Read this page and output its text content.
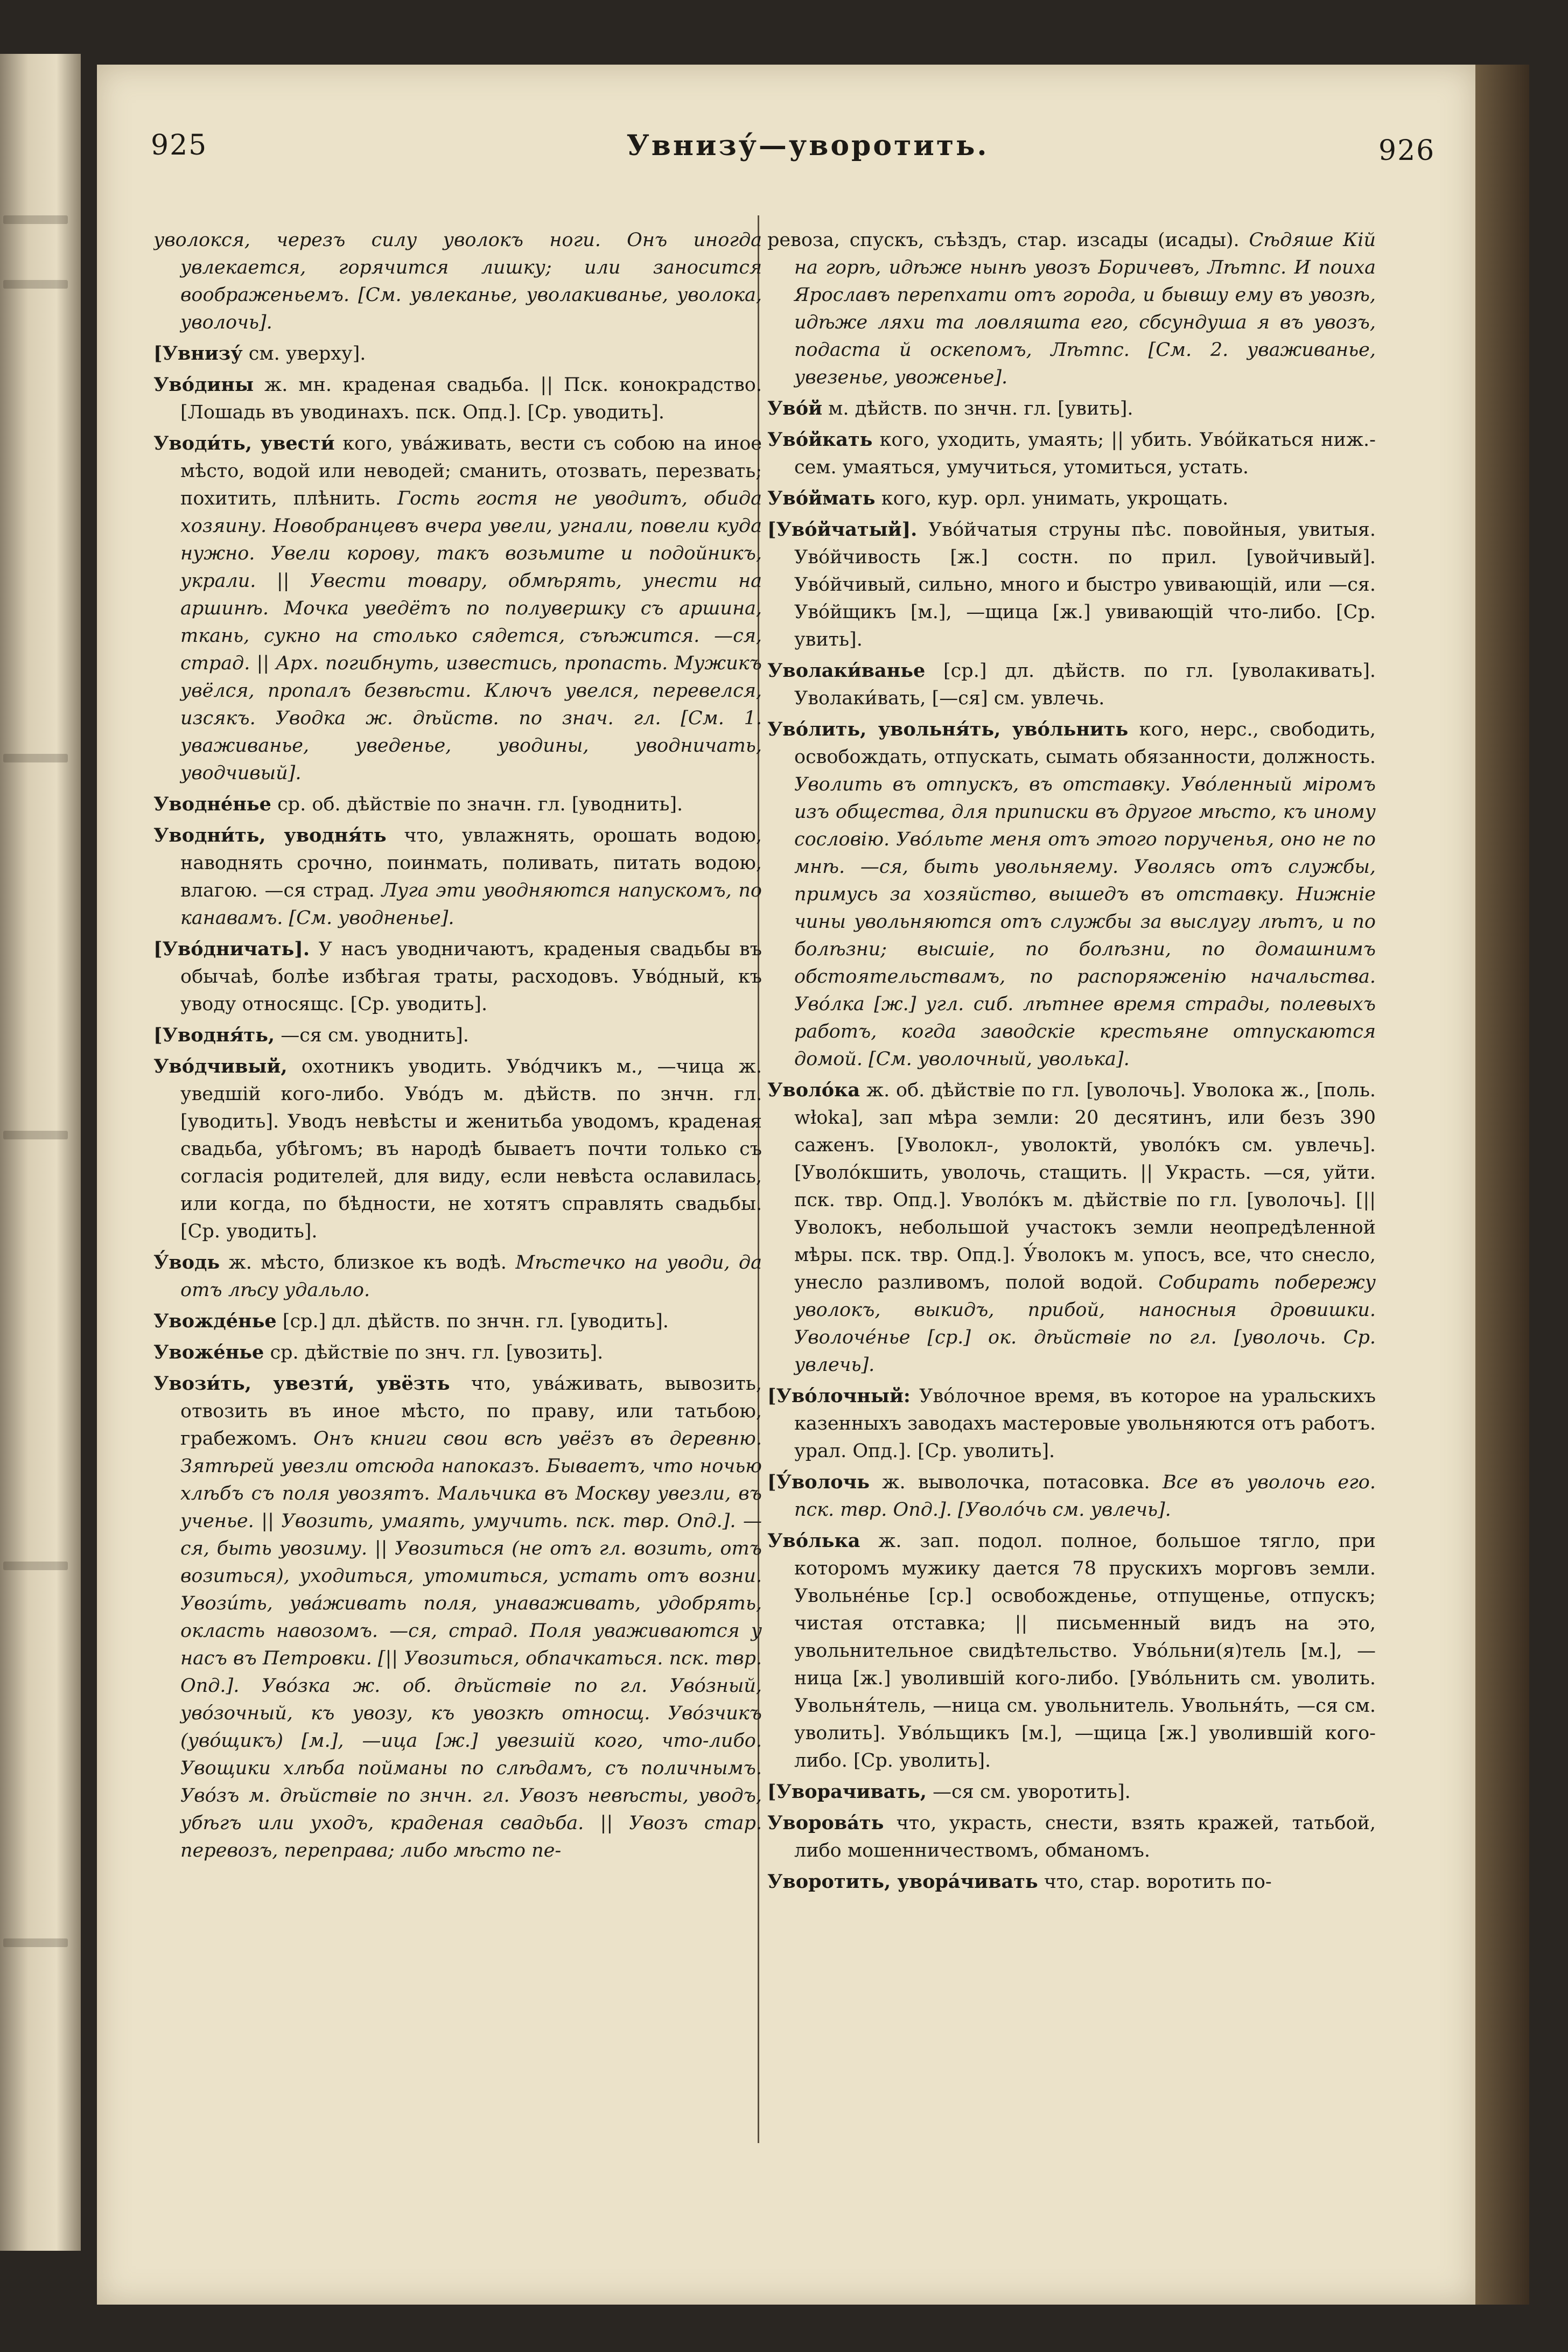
925	Увнизу́—уворотить.	926

уволокся, черезъ силу уволокъ ноги. Онъ иногда увлекается, горячится лишку; или заносится воображеньемъ. [См. увлеканье, уволакиванье, уволока, уволочь].

[Увнизу́ см. уверху].

Уво́дины ж. мн. краденая свадьба. || Пск. конокрадство. [Лошадь въ уводинахъ. пск. Опд.]. [Ср. уводить].

Уводи́ть, увести́ кого, ува́живать, вести съ собою на иное мѣсто, водой или неводей; сманить, отозвать, перезвать; похитить, плѣнить. Гость гостя не уводитъ, обида хозяину. Новобранцевъ вчера увели, угнали, повели куда нужно. Увели корову, такъ возьмите и подойникъ, украли. || Увести товару, обмѣрять, унести на аршинѣ. Мочка уведётъ по полувершку съ аршина, ткань, сукно на столько сядется, съѣжится. —ся, страд. || Арх. погибнуть, известись, пропасть. Мужикъ увёлся, пропалъ безвѣсти. Ключъ увелся, перевелся, изсякъ. Уводка ж. дѣйств. по знач. гл. [См. 1. уваживанье, уведенье, уводины, уводничать, уводчивый].

Уводне́нье ср. об. дѣйствіе по значн. гл. [уводнить].

Уводни́ть, уводня́ть что, увлажнять, орошать водою, наводнять срочно, поинмать, поливать, питать водою, влагою. —ся страд. Луга эти уводняются напускомъ, по канавамъ. [См. уводненье].

[Уво́дничать]. У насъ уводничаютъ, краденыя свадьбы въ обычаѣ, болѣе избѣгая траты, расходовъ. Уво́дный, къ уводу относящс. [Ср. уводить].

[Уводня́ть, —ся см. уводнить].

Уво́дчивый, охотникъ уводить. Уво́дчикъ м., —чица ж. уведшій кого-либо. Уво́дъ м. дѣйств. по знчн. гл. [уводить]. Уводъ невѣсты и женитьба уводомъ, краденая свадьба, убѣгомъ; въ народѣ бываетъ почти только съ согласія родителей, для виду, если невѣста ославилась, или когда, по бѣдности, не хотятъ справлять свадьбы. [Ср. уводить].

У́водь ж. мѣсто, близкое къ водѣ. Мѣстечко на уводи, да отъ лѣсу удальло.

Увожде́нье [ср.] дл. дѣйств. по знчн. гл. [уводить].

Увоже́нье ср. дѣйствіе по знч. гл. [увозить].

Увози́ть, увезти́, увёзть что, ува́живать, вывозить, отвозить въ иное мѣсто, по праву, или татьбою, грабежомъ. Онъ книги свои всѣ увёзъ въ деревню. Зятѣрей увезли отсюда напоказъ. Бываетъ, что ночью хлѣбъ съ поля увозятъ. Мальчика въ Москву увезли, въ ученье. || Увозить, умаять, умучить. пск. твр. Опд.]. —ся, быть увозиму. || Увозиться (не отъ гл. возить, отъ возиться), уходиться, утомиться, устать отъ возни. Увози́ть, ува́живать поля, унаваживать, удобрять, окласть навозомъ. —ся, страд. Поля уваживаются у насъ въ Петровки. [|| Увозиться, обпачкаться. пск. твр. Опд.]. Уво́зка ж. об. дѣйствіе по гл. Уво́зный, уво́зочный, къ увозу, къ увозкѣ относщ. Уво́зчикъ (уво́щикъ) [м.], —ица [ж.] увезшій кого, что-либо. Увощики хлѣба пойманы по слѣдамъ, съ поличнымъ. Уво́зъ м. дѣйствіе по знчн. гл. Увозъ невѣсты, уводъ, убѣгъ или уходъ, краденая свадьба. || Увозъ стар. перевозъ, переправа; либо мѣсто пе-

ревоза, спускъ, съѣздъ, стар. изсады (исады). Сѣдяше Кій на горѣ, идѣже нынѣ увозъ Боричевъ, Лѣтпс. И поиха Ярославъ перепхати отъ города, и бывшу ему въ увозѣ, идѣже ляхи та ловляшта его, сбсундуша я въ увозъ, подаста й оскепомъ, Лѣтпс. [См. 2. уваживанье, увезенье, увоженье].

Уво́й м. дѣйств. по знчн. гл. [увить].

Уво́йкать кого, уходить, умаять; || убить. Уво́йкаться ниж.-сем. умаяться, умучиться, утомиться, устать.

Уво́ймать кого, кур. орл. унимать, укрощать.

[Уво́йчатый]. Уво́йчатыя струны пѣс. повойныя, увитыя. Уво́йчивость [ж.] состн. по прил. [увойчивый]. Уво́йчивый, сильно, много и быстро увивающій, или —ся. Уво́йщикъ [м.], —щица [ж.] увивающій что-либо. [Ср. увить].

Уволаки́ванье [ср.] дл. дѣйств. по гл. [уволакивать]. Уволаки́вать, [—ся] см. увлечь.

Уво́лить, увольня́ть, уво́льнить кого, нерс., свободить, освобождать, отпускать, сымать обязанности, должность. Уволить въ отпускъ, въ отставку. Уво́ленный міромъ изъ общества, для приписки въ другое мѣсто, къ иному сословію. Уво́льте меня отъ этого порученья, оно не по мнѣ. —ся, быть увольняему. Уволясь отъ службы, примусь за хозяйство, вышедъ въ отставку. Нижніе чины увольняются отъ службы за выслугу лѣтъ, и по болѣзни; высшіе, по болѣзни, по домашнимъ обстоятельствамъ, по распоряженію начальства. Уво́лка [ж.] угл. сиб. лѣтнее время страды, полевыхъ работъ, когда заводскіе крестьяне отпускаются домой. [См. уволочный, уволька].

Уволо́ка ж. об. дѣйствіе по гл. [уволочь]. Уволока ж., [поль. włoka], зап мѣра земли: 20 десятинъ, или безъ 390 саженъ. [Уволокл-, уволоктй, уволо́къ см. увлечь]. [Уволо́кшить, уволочь, стащить. || Украсть. —ся, уйти. пск. твр. Опд.]. Уволо́къ м. дѣйствіе по гл. [уволочь]. [|| Уволокъ, небольшой участокъ земли неопредѣленной мѣры. пск. твр. Опд.]. У́волокъ м. упосъ, все, что снесло, унесло разливомъ, полой водой. Собирать побережу уволокъ, выкидъ, прибой, наносныя дровишки. Уволоче́нье [ср.] ок. дѣйствіе по гл. [уволочь. Ср. увлечь].

[Уво́лочный: Уво́лочное время, въ которое на уральскихъ казенныхъ заводахъ мастеровые увольняются отъ работъ. урал. Опд.]. [Ср. уволить].

[У́волочь ж. выволочка, потасовка. Все въ уволочь его. пск. твр. Опд.]. [Уволо́чь см. увлечь].

Уво́лька ж. зап. подол. полное, большое тягло, при которомъ мужику дается 78 прускихъ морговъ земли. Увольне́нье [ср.] освобожденье, отпущенье, отпускъ; чистая отставка; || письменный видъ на это, увольнительное свидѣтельство. Уво́льни(я)тель [м.], —ница [ж.] уволившій кого-либо. [Уво́льнить см. уволить. Увольня́тель, —ница см. увольнитель. Увольня́ть, —ся см. уволить]. Уво́льщикъ [м.], —щица [ж.] уволившій кого-либо. [Ср. уволить].

[Уворачивать, —ся см. уворотить].

Уворова́ть что, украсть, снести, взять кражей, татьбой, либо мошенничествомъ, обманомъ.

Уворотить, увора́чивать что, стар. воротить по-
